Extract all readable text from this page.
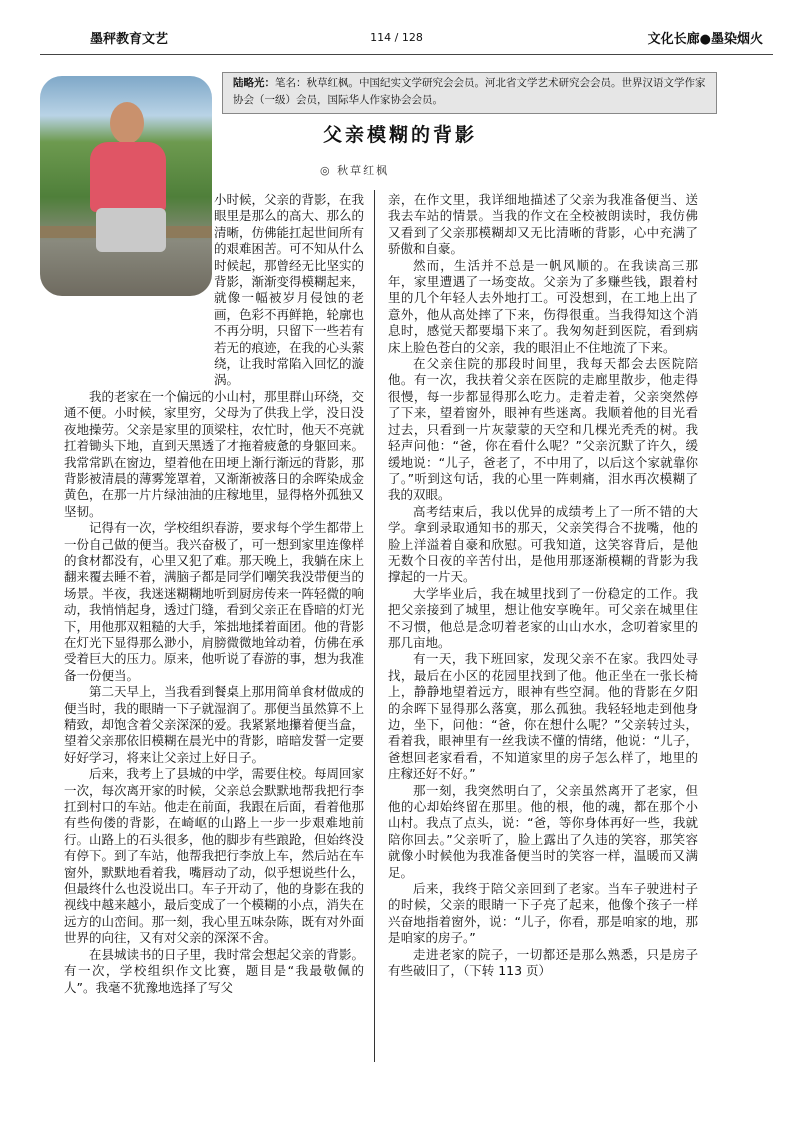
墨秤教育文艺	114 / 128	文化长廊●墨染烟火
陆略光：笔名：秋草红枫。中国纪实文学研究会会员。河北省文学艺术研究会会员。世界汉语文学作家协会（一级）会员，国际华人作家协会会员。
父亲模糊的背影
◎ 秋草红枫

小时候，父亲的背影，在我眼里是那么的高大、那么的清晰，仿佛能扛起世间所有的艰难困苦。可不知从什么时候起，那曾经无比坚实的背影，渐渐变得模糊起来，就像一幅被岁月侵蚀的老画，色彩不再鲜艳，轮廓也不再分明，只留下一些若有若无的痕迹，在我的心头萦绕，让我时常陷入回忆的漩涡。

我的老家在一个偏远的小山村，那里群山环绕，交通不便。小时候，家里穷，父母为了供我上学，没日没夜地操劳。父亲是家里的顶梁柱，农忙时，他天不亮就扛着锄头下地，直到天黑透了才拖着疲惫的身躯回来。我常常趴在窗边，望着他在田埂上渐行渐远的背影，那背影被清晨的薄雾笼罩着，又渐渐被落日的余晖染成金黄色，在那一片片绿油油的庄稼地里，显得格外孤独又坚韧。

记得有一次，学校组织春游，要求每个学生都带上一份自己做的便当。我兴奋极了，可一想到家里连像样的食材都没有，心里又犯了难。那天晚上，我躺在床上翻来覆去睡不着，满脑子都是同学们嘲笑我没带便当的场景。半夜，我迷迷糊糊地听到厨房传来一阵轻微的响动，我悄悄起身，透过门缝，看到父亲正在昏暗的灯光下，用他那双粗糙的大手，笨拙地揉着面团。他的背影在灯光下显得那么渺小，肩膀微微地耸动着，仿佛在承受着巨大的压力。原来，他听说了春游的事，想为我准备一份便当。

第二天早上，当我看到餐桌上那用简单食材做成的便当时，我的眼睛一下子就湿润了。那便当虽然算不上精致，却饱含着父亲深深的爱。我紧紧地攥着便当盒，望着父亲那依旧模糊在晨光中的背影，暗暗发誓一定要好好学习，将来让父亲过上好日子。

后来，我考上了县城的中学，需要住校。每周回家一次，每次离开家的时候，父亲总会默默地帮我把行李扛到村口的车站。他走在前面，我跟在后面，看着他那有些佝偻的背影，在崎岖的山路上一步一步艰难地前行。山路上的石头很多，他的脚步有些踉跄，但始终没有停下。到了车站，他帮我把行李放上车，然后站在车窗外，默默地看着我，嘴唇动了动，似乎想说些什么，但最终什么也没说出口。车子开动了，他的身影在我的视线中越来越小，最后变成了一个模糊的小点，消失在远方的山峦间。那一刻，我心里五味杂陈，既有对外面世界的向往，又有对父亲的深深不舍。

在县城读书的日子里，我时常会想起父亲的背影。有一次，学校组织作文比赛，题目是“我最敬佩的人”。我毫不犹豫地选择了写父

亲，在作文里，我详细地描述了父亲为我准备便当、送我去车站的情景。当我的作文在全校被朗读时，我仿佛又看到了父亲那模糊却又无比清晰的背影，心中充满了骄傲和自豪。

然而，生活并不总是一帆风顺的。在我读高三那年，家里遭遇了一场变故。父亲为了多赚些钱，跟着村里的几个年轻人去外地打工。可没想到，在工地上出了意外，他从高处摔了下来，伤得很重。当我得知这个消息时，感觉天都要塌下来了。我匆匆赶到医院，看到病床上脸色苍白的父亲，我的眼泪止不住地流了下来。

在父亲住院的那段时间里，我每天都会去医院陪他。有一次，我扶着父亲在医院的走廊里散步，他走得很慢，每一步都显得那么吃力。走着走着，父亲突然停了下来，望着窗外，眼神有些迷离。我顺着他的目光看过去，只看到一片灰蒙蒙的天空和几棵光秃秃的树。我轻声问他：“爸，你在看什么呢？”父亲沉默了许久，缓缓地说：“儿子，爸老了，不中用了，以后这个家就靠你了。”听到这句话，我的心里一阵刺痛，泪水再次模糊了我的双眼。

高考结束后，我以优异的成绩考上了一所不错的大学。拿到录取通知书的那天，父亲笑得合不拢嘴，他的脸上洋溢着自豪和欣慰。可我知道，这笑容背后，是他无数个日夜的辛苦付出，是他用那逐渐模糊的背影为我撑起的一片天。

大学毕业后，我在城里找到了一份稳定的工作。我把父亲接到了城里，想让他安享晚年。可父亲在城里住不习惯，他总是念叨着老家的山山水水，念叨着家里的那几亩地。

有一天，我下班回家，发现父亲不在家。我四处寻找，最后在小区的花园里找到了他。他正坐在一张长椅上，静静地望着远方，眼神有些空洞。他的背影在夕阳的余晖下显得那么落寞，那么孤独。我轻轻地走到他身边，坐下，问他：“爸，你在想什么呢？”父亲转过头，看着我，眼神里有一丝我读不懂的情绪，他说：“儿子，爸想回老家看看，不知道家里的房子怎么样了，地里的庄稼还好不好。”

那一刻，我突然明白了，父亲虽然离开了老家，但他的心却始终留在那里。他的根，他的魂，都在那个小山村。我点了点头，说：“爸，等你身体再好一些，我就陪你回去。”父亲听了，脸上露出了久违的笑容，那笑容就像小时候他为我准备便当时的笑容一样，温暖而又满足。

后来，我终于陪父亲回到了老家。当车子驶进村子的时候，父亲的眼睛一下子亮了起来，他像个孩子一样兴奋地指着窗外，说：“儿子，你看，那是咱家的地，那是咱家的房子。”

走进老家的院子，一切都还是那么熟悉，只是房子有些破旧了，（下转 113 页）
